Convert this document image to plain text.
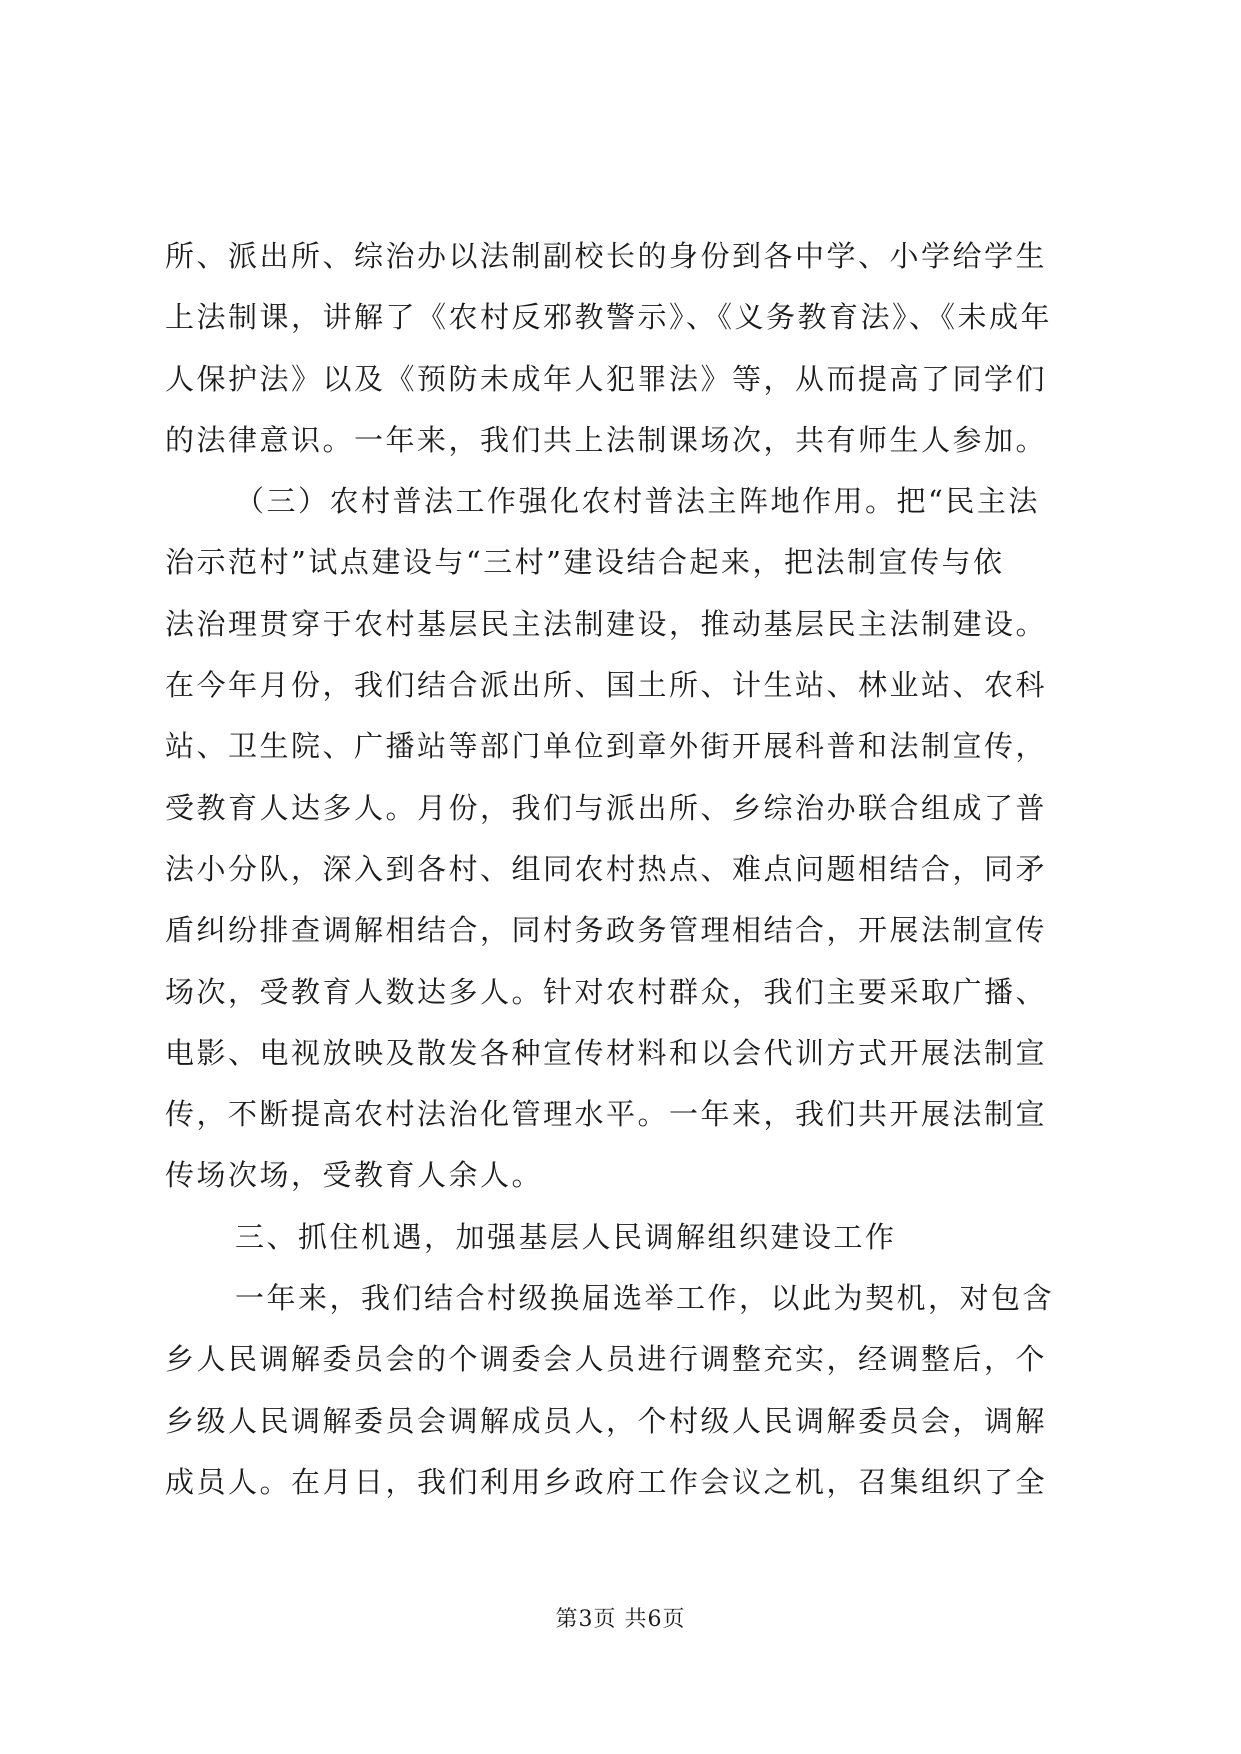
所、派出所、综治办以法制副校长的身份到各中学、小学给学生
上法制课，讲解了《农村反邪教警示》、《义务教育法》、《未成年
人保护法》以及《预防未成年人犯罪法》等，从而提高了同学们
的法律意识。一年来，我们共上法制课场次，共有师生人参加。
（三）农村普法工作强化农村普法主阵地作用。把“民主法
治示范村”试点建设与“三村”建设结合起来，把法制宣传与依
法治理贯穿于农村基层民主法制建设，推动基层民主法制建设。
在今年月份，我们结合派出所、国土所、计生站、林业站、农科
站、卫生院、广播站等部门单位到章外街开展科普和法制宣传，
受教育人达多人。月份，我们与派出所、乡综治办联合组成了普
法小分队，深入到各村、组同农村热点、难点问题相结合，同矛
盾纠纷排查调解相结合，同村务政务管理相结合，开展法制宣传
场次，受教育人数达多人。针对农村群众，我们主要采取广播、
电影、电视放映及散发各种宣传材料和以会代训方式开展法制宣
传，不断提高农村法治化管理水平。一年来，我们共开展法制宣
传场次场，受教育人余人。
三、抓住机遇，加强基层人民调解组织建设工作
一年来，我们结合村级换届选举工作，以此为契机，对包含
乡人民调解委员会的个调委会人员进行调整充实，经调整后，个
乡级人民调解委员会调解成员人，个村级人民调解委员会，调解
成员人。在月日，我们利用乡政府工作会议之机，召集组织了全
第3页 共6页
